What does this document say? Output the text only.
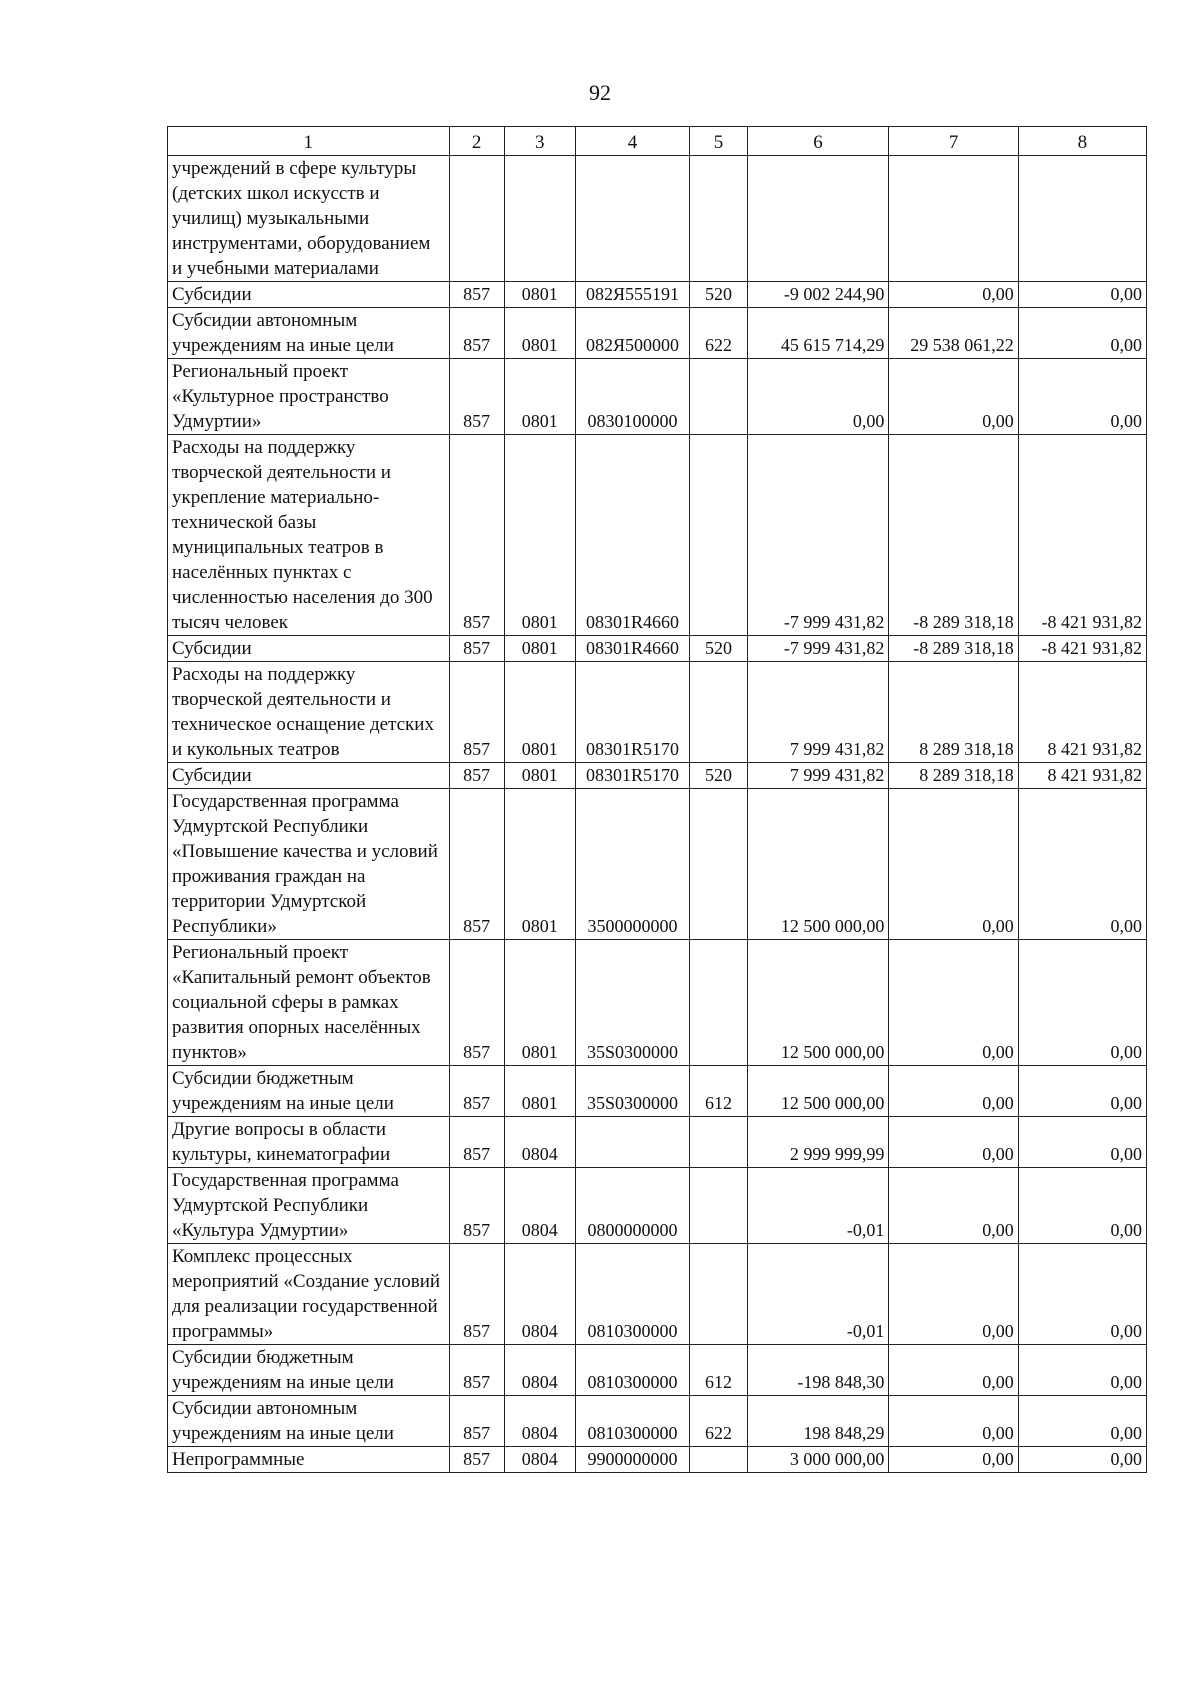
92
1	2	3	4	5	6	7	8
учреждений в сфере культуры (детских школ искусств и училищ) музыкальными инструментами, оборудованием и учебными материалами							
Субсидии	857	0801	082Я555191	520	-9 002 244,90	0,00	0,00
Субсидии автономным учреждениям на иные цели	857	0801	082Я500000	622	45 615 714,29	29 538 061,22	0,00
Региональный проект «Культурное пространство Удмуртии»	857	0801	0830100000		0,00	0,00	0,00
Расходы на поддержку творческой деятельности и укрепление материально-технической базы муниципальных театров в населённых пунктах с численностью населения до 300 тысяч человек	857	0801	08301R4660		-7 999 431,82	-8 289 318,18	-8 421 931,82
Субсидии	857	0801	08301R4660	520	-7 999 431,82	-8 289 318,18	-8 421 931,82
Расходы на поддержку творческой деятельности и техническое оснащение детских и кукольных театров	857	0801	08301R5170		7 999 431,82	8 289 318,18	8 421 931,82
Субсидии	857	0801	08301R5170	520	7 999 431,82	8 289 318,18	8 421 931,82
Государственная программа Удмуртской Республики «Повышение качества и условий проживания граждан на территории Удмуртской Республики»	857	0801	3500000000		12 500 000,00	0,00	0,00
Региональный проект «Капитальный ремонт объектов социальной сферы в рамках развития опорных населённых пунктов»	857	0801	35S0300000		12 500 000,00	0,00	0,00
Субсидии бюджетным учреждениям на иные цели	857	0801	35S0300000	612	12 500 000,00	0,00	0,00
Другие вопросы в области культуры, кинематографии	857	0804			2 999 999,99	0,00	0,00
Государственная программа Удмуртской Республики «Культура Удмуртии»	857	0804	0800000000		-0,01	0,00	0,00
Комплекс процессных мероприятий «Создание условий для реализации государственной программы»	857	0804	0810300000		-0,01	0,00	0,00
Субсидии бюджетным учреждениям на иные цели	857	0804	0810300000	612	-198 848,30	0,00	0,00
Субсидии автономным учреждениям на иные цели	857	0804	0810300000	622	198 848,29	0,00	0,00
Непрограммные	857	0804	9900000000		3 000 000,00	0,00	0,00
